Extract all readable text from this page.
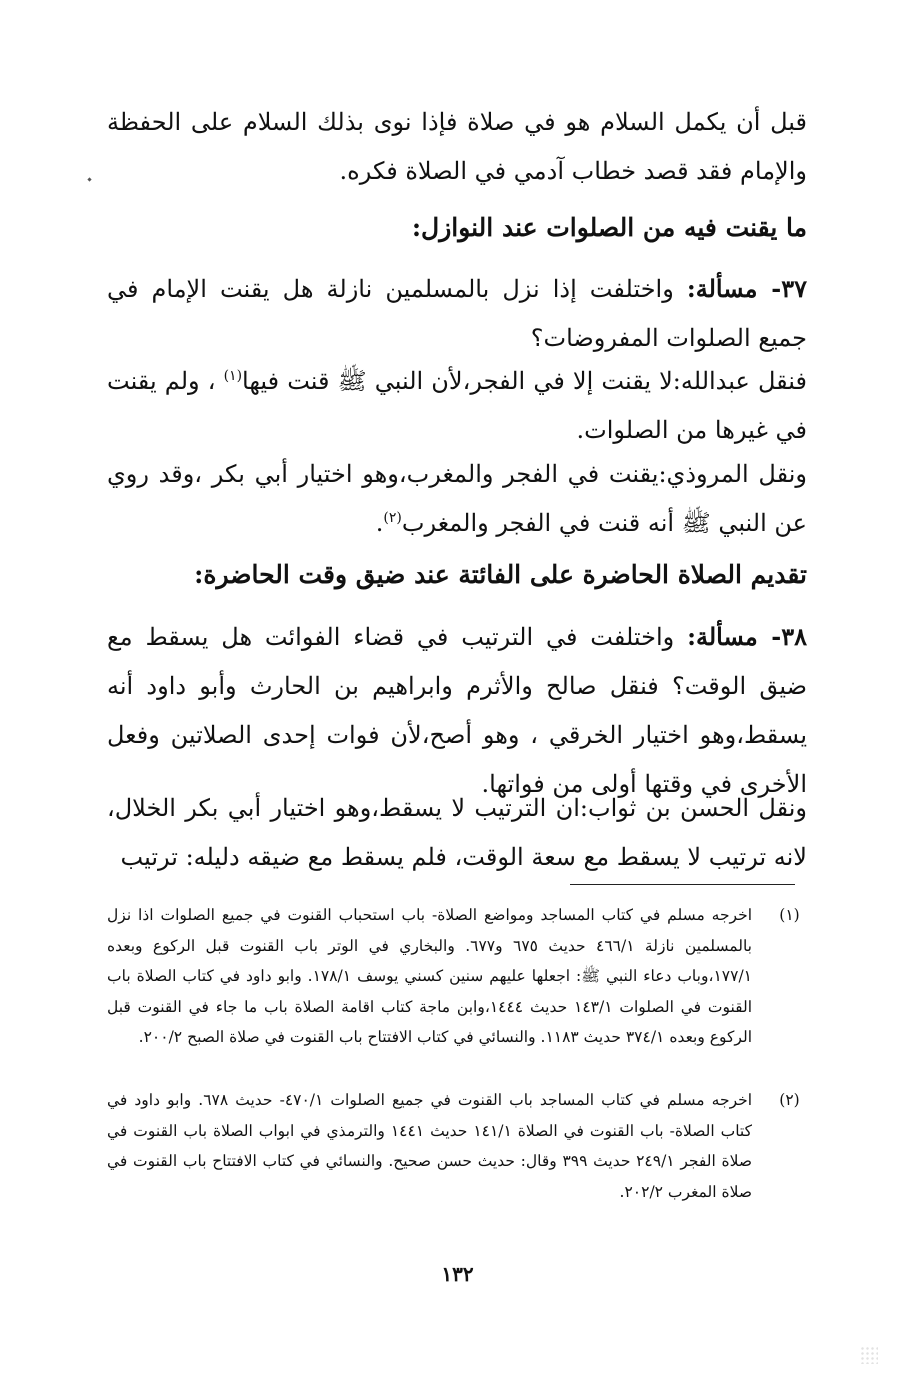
قبل أن يكمل السلام هو في صلاة فإذا نوى بذلك السلام على الحفظة والإمام فقد قصد خطاب آدمي في الصلاة فكره.

ما يقنت فيه من الصلوات عند النوازل:

٣٧- مسألة: واختلفت إذا نزل بالمسلمين نازلة هل يقنت الإمام في جميع الصلوات المفروضات؟

فنقل عبدالله:لا يقنت إلا في الفجر،لأن النبي ﷺ قنت فيها$^{(١)}$ ، ولم يقنت في غيرها من الصلوات.

ونقل المروذي:يقنت في الفجر والمغرب،وهو اختيار أبي بكر ،وقد روي عن النبي ﷺ أنه قنت في الفجر والمغرب$^{(٢)}$.

تقديم الصلاة الحاضرة على الفائتة عند ضيق وقت الحاضرة:

٣٨- مسألة: واختلفت في الترتيب في قضاء الفوائت هل يسقط مع ضيق الوقت؟ فنقل صالح والأثرم وابراهيم بن الحارث وأبو داود أنه يسقط،وهو اختيار الخرقي ، وهو أصح،لأن فوات إحدى الصلاتين وفعل الأخرى في وقتها أولى من فواتها.

ونقل الحسن بن ثواب:ان الترتيب لا يسقط،وهو اختيار أبي بكر الخلال، لانه ترتيب لا يسقط مع سعة الوقت، فلم يسقط مع ضيقه دليله: ترتيب

(١)
اخرجه مسلم في كتاب المساجد ومواضع الصلاة- باب استحباب القنوت في جميع الصلوات اذا نزل بالمسلمين نازلة ٤٦٦/١ حديث ٦٧٥ و٦٧٧. والبخاري في الوتر باب القنوت قبل الركوع وبعده ١٧٧/١،وباب دعاء النبي ﷺ: اجعلها عليهم سنين كسني يوسف ١٧٨/١. وابو داود في كتاب الصلاة باب القنوت في الصلوات ١٤٣/١ حديث ١٤٤٤،وابن ماجة كتاب اقامة الصلاة باب ما جاء في القنوت قبل الركوع وبعده ٣٧٤/١ حديث ١١٨٣. والنسائي في كتاب الافتتاح باب القنوت في صلاة الصبح ٢٠٠/٢.
(٢)
اخرجه مسلم في كتاب المساجد باب القنوت في جميع الصلوات ٤٧٠/١- حديث ٦٧٨. وابو داود في كتاب الصلاة- باب القنوت في الصلاة ١٤١/١ حديث ١٤٤١ والترمذي في ابواب الصلاة باب القنوت في صلاة الفجر ٢٤٩/١ حديث ٣٩٩ وقال: حديث حسن صحيح. والنسائي في كتاب الافتتاح باب القنوت في صلاة المغرب ٢٠٢/٢.
١٣٢
